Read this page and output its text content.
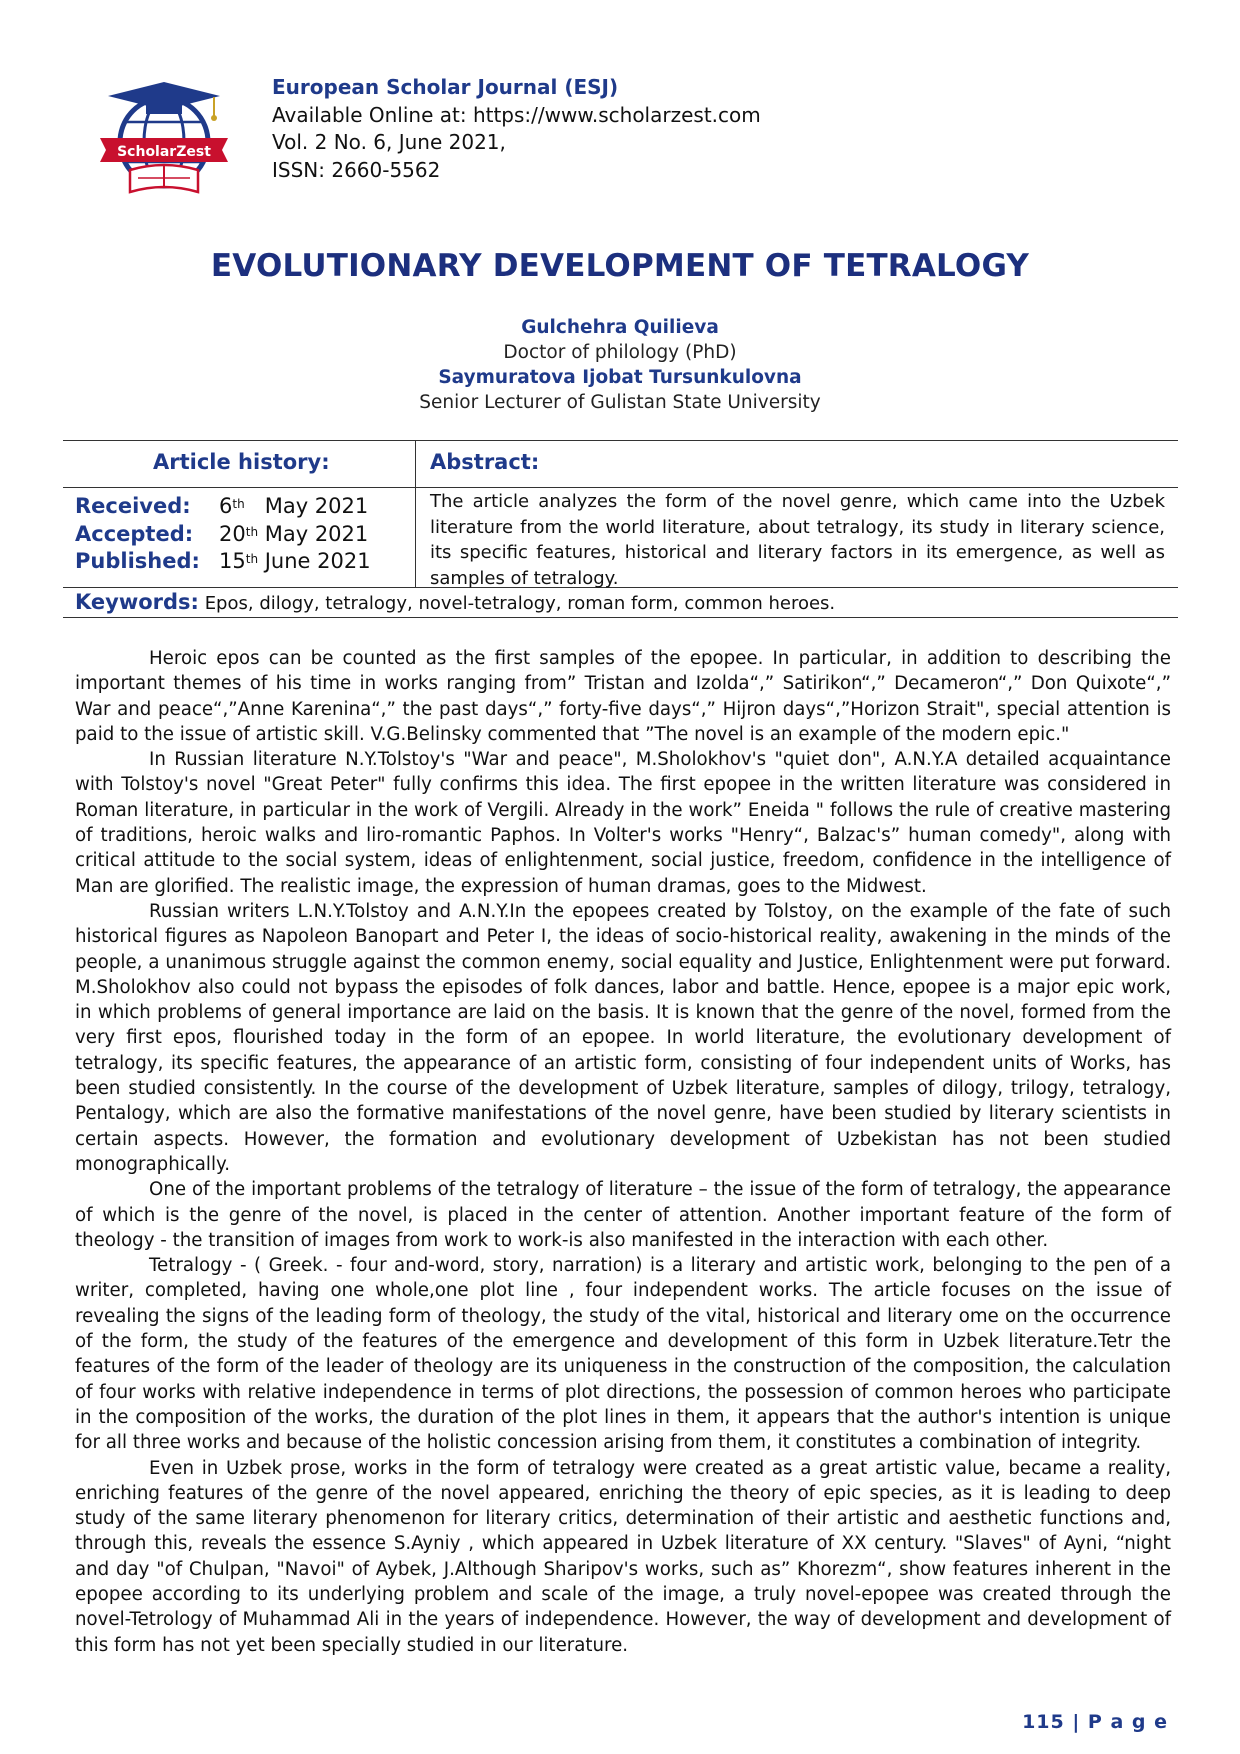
ScholarZest
European Scholar Journal (ESJ)
Available Online at: https://www.scholarzest.com
Vol. 2 No. 6, June 2021,
ISSN: 2660-5562
EVOLUTIONARY DEVELOPMENT OF TETRALOGY
Gulchehra Quilieva
Doctor of philology (PhD)
Saymuratova Ijobat Tursunkulovna
Senior Lecturer of Gulistan State University
Article history:	Abstract:
Received: 6th May 2021
Accepted: 20th May 2021
Published: 15th June 2021
The article analyzes the form of the novel genre, which came into the Uzbek literature from the world literature, about tetralogy, its study in literary science, its specific features, historical and literary factors in its emergence, as well as samples of tetralogy.
Keywords: Epos, dilogy, tetralogy, novel-tetralogy, roman form, common heroes.

Heroic epos can be counted as the first samples of the epopee. In particular, in addition to describing the important themes of his time in works ranging from” Tristan and Izolda“,” Satirikon“,” Decameron“,” Don Quixote“,” War and peace“,”Anne Karenina“,” the past days“,” forty-five days“,” Hijron days“,”Horizon Strait", special attention is paid to the issue of artistic skill. V.G.Belinsky commented that ”The novel is an example of the modern epic."

In Russian literature N.Y.Tolstoy's "War and peace", M.Sholokhov's "quiet don", A.N.Y.A detailed acquaintance with Tolstoy's novel "Great Peter" fully confirms this idea. The first epopee in the written literature was considered in Roman literature, in particular in the work of Vergili. Already in the work” Eneida " follows the rule of creative mastering of traditions, heroic walks and liro-romantic Paphos. In Volter's works "Henry“, Balzac's” human comedy", along with critical attitude to the social system, ideas of enlightenment, social justice, freedom, confidence in the intelligence of Man are glorified. The realistic image, the expression of human dramas, goes to the Midwest.

Russian writers L.N.Y.Tolstoy and A.N.Y.In the epopees created by Tolstoy, on the example of the fate of such historical figures as Napoleon Banopart and Peter I, the ideas of socio-historical reality, awakening in the minds of the people, a unanimous struggle against the common enemy, social equality and Justice, Enlightenment were put forward. M.Sholokhov also could not bypass the episodes of folk dances, labor and battle. Hence, epopee is a major epic work, in which problems of general importance are laid on the basis. It is known that the genre of the novel, formed from the very first epos, flourished today in the form of an epopee. In world literature, the evolutionary development of tetralogy, its specific features, the appearance of an artistic form, consisting of four independent units of Works, has been studied consistently. In the course of the development of Uzbek literature, samples of dilogy, trilogy, tetralogy, Pentalogy, which are also the formative manifestations of the novel genre, have been studied by literary scientists in certain aspects. However, the formation and evolutionary development of Uzbekistan has not been studied monographically.

One of the important problems of the tetralogy of literature – the issue of the form of tetralogy, the appearance of which is the genre of the novel, is placed in the center of attention. Another important feature of the form of theology - the transition of images from work to work-is also manifested in the interaction with each other.

Tetralogy - ( Greek. - four and-word, story, narration) is a literary and artistic work, belonging to the pen of a writer, completed, having one whole,one plot line , four independent works. The article focuses on the issue of revealing the signs of the leading form of theology, the study of the vital, historical and literary ome on the occurrence of the form, the study of the features of the emergence and development of this form in Uzbek literature.Tetr the features of the form of the leader of theology are its uniqueness in the construction of the composition, the calculation of four works with relative independence in terms of plot directions, the possession of common heroes who participate in the composition of the works, the duration of the plot lines in them, it appears that the author's intention is unique for all three works and because of the holistic concession arising from them, it constitutes a combination of integrity.

Even in Uzbek prose, works in the form of tetralogy were created as a great artistic value, became a reality, enriching features of the genre of the novel appeared, enriching the theory of epic species, as it is leading to deep study of the same literary phenomenon for literary critics, determination of their artistic and aesthetic functions and, through this, reveals the essence S.Ayniy , which appeared in Uzbek literature of XX century. "Slaves" of Ayni, “night and day "of Chulpan, "Navoi" of Aybek, J.Although Sharipov's works, such as” Khorezm“, show features inherent in the epopee according to its underlying problem and scale of the image, a truly novel-epopee was created through the novel-Tetrology of Muhammad Ali in the years of independence. However, the way of development and development of this form has not yet been specially studied in our literature.

115 | P a g e
